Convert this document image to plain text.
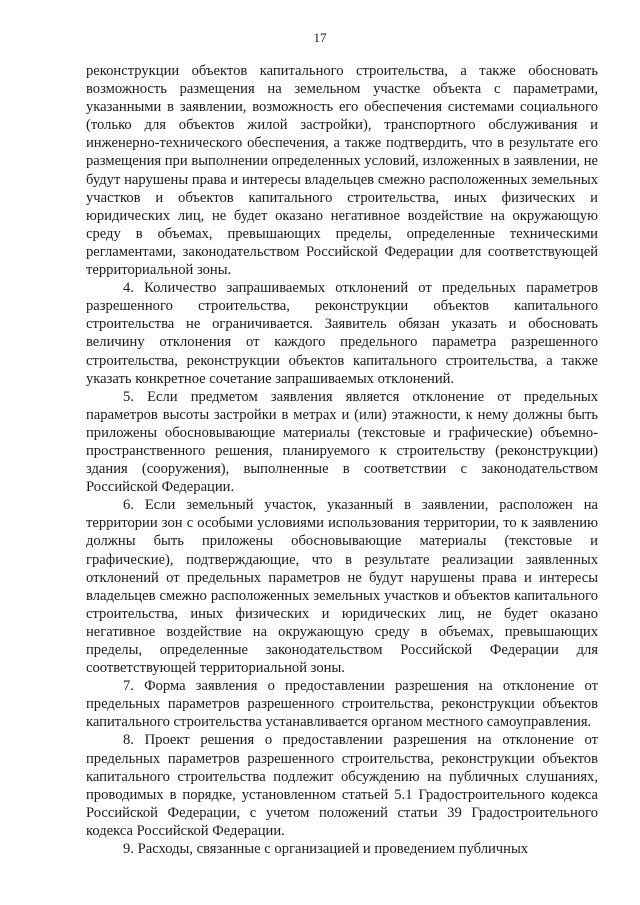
17

реконструкции объектов капитального строительства, а также обосновать возможность размещения на земельном участке объекта с параметрами, указанными в заявлении, возможность его обеспечения системами социального (только для объектов жилой застройки), транспортного обслуживания и инженерно-технического обеспечения, а также подтвердить, что в результате его размещения при выполнении определенных условий, изложенных в заявлении, не будут нарушены права и интересы владельцев смежно расположенных земельных участков и объектов капитального строительства, иных физических и юридических лиц, не будет оказано негативное воздействие на окружающую среду в объемах, превышающих пределы, определенные техническими регламентами, законодательством Российской Федерации для соответствующей территориальной зоны.

4. Количество запрашиваемых отклонений от предельных параметров разрешенного строительства, реконструкции объектов капитального строительства не ограничивается. Заявитель обязан указать и обосновать величину отклонения от каждого предельного параметра разрешенного строительства, реконструкции объектов капитального строительства, а также указать конкретное сочетание запрашиваемых отклонений.

5. Если предметом заявления является отклонение от предельных параметров высоты застройки в метрах и (или) этажности, к нему должны быть приложены обосновывающие материалы (текстовые и графические) объемно-пространственного решения, планируемого к строительству (реконструкции) здания (сооружения), выполненные в соответствии с законодательством Российской Федерации.

6. Если земельный участок, указанный в заявлении, расположен на территории зон с особыми условиями использования территории, то к заявлению должны быть приложены обосновывающие материалы (текстовые и графические), подтверждающие, что в результате реализации заявленных отклонений от предельных параметров не будут нарушены права и интересы владельцев смежно расположенных земельных участков и объектов капитального строительства, иных физических и юридических лиц, не будет оказано негативное воздействие на окружающую среду в объемах, превышающих пределы, определенные законодательством Российской Федерации для соответствующей территориальной зоны.

7. Форма заявления о предоставлении разрешения на отклонение от предельных параметров разрешенного строительства, реконструкции объектов капитального строительства устанавливается органом местного самоуправления.

8. Проект решения о предоставлении разрешения на отклонение от предельных параметров разрешенного строительства, реконструкции объектов капитального строительства подлежит обсуждению на публичных слушаниях, проводимых в порядке, установленном статьей 5.1 Градостроительного кодекса Российской Федерации, с учетом положений статьи 39 Градостроительного кодекса Российской Федерации.

9. Расходы, связанные с организацией и проведением публичных
